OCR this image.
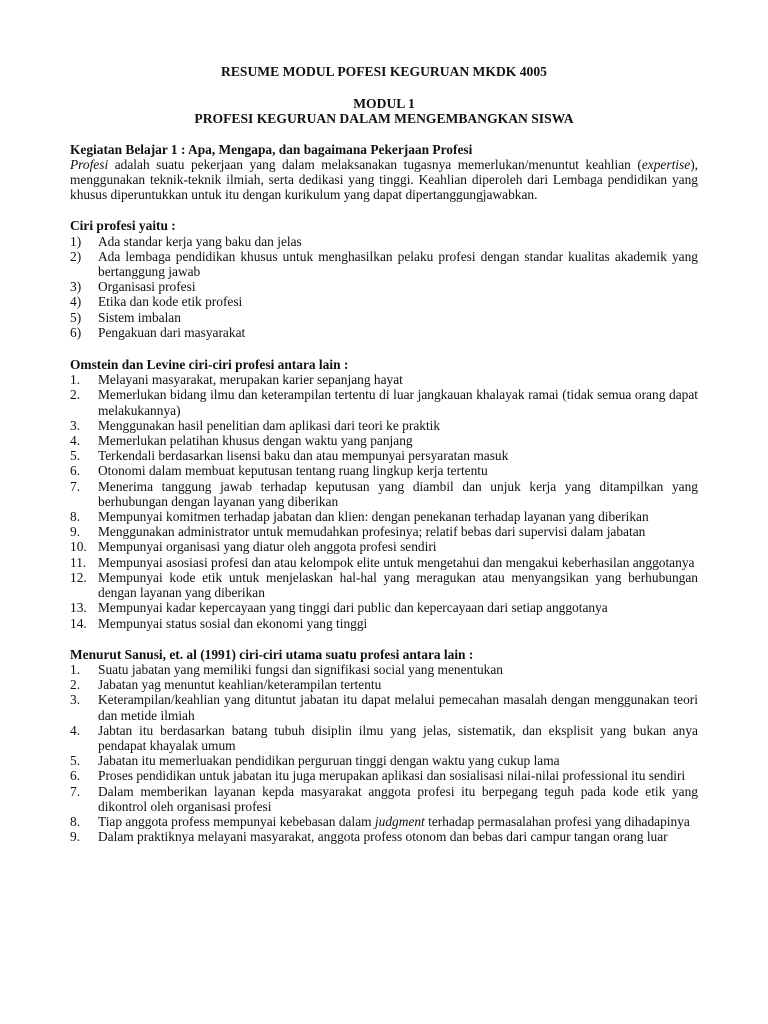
RESUME MODUL POFESI KEGURUAN MKDK 4005
MODUL 1
PROFESI KEGURUAN DALAM MENGEMBANGKAN SISWA
Kegiatan Belajar 1 : Apa, Mengapa, dan bagaimana Pekerjaan Profesi

Profesi adalah suatu pekerjaan yang dalam melaksanakan tugasnya memerlukan/menuntut keahlian (expertise), menggunakan teknik-teknik ilmiah, serta dedikasi yang tinggi. Keahlian diperoleh dari Lembaga pendidikan yang khusus diperuntukkan untuk itu dengan kurikulum yang dapat dipertanggungjawabkan.

Ciri profesi yaitu :
1)	Ada standar kerja yang baku dan jelas
2)	Ada lembaga pendidikan khusus untuk menghasilkan pelaku profesi dengan standar kualitas akademik yang bertanggung jawab
3)	Organisasi profesi
4)	Etika dan kode etik profesi
5)	Sistem imbalan
6)	Pengakuan dari masyarakat
Omstein dan Levine ciri-ciri profesi antara lain :
1.	Melayani masyarakat, merupakan karier sepanjang hayat
2.	Memerlukan bidang ilmu dan keterampilan tertentu di luar jangkauan khalayak ramai (tidak semua orang dapat melakukannya)
3.	Menggunakan hasil penelitian dam aplikasi dari teori ke praktik
4.	Memerlukan pelatihan khusus dengan waktu yang panjang
5.	Terkendali berdasarkan lisensi baku dan atau mempunyai persyaratan masuk
6.	Otonomi dalam membuat keputusan tentang ruang lingkup kerja tertentu
7.	Menerima tanggung jawab terhadap keputusan yang diambil dan unjuk kerja yang ditampilkan yang berhubungan dengan layanan yang diberikan
8.	Mempunyai komitmen terhadap jabatan dan klien: dengan penekanan terhadap layanan yang diberikan
9.	Menggunakan administrator untuk memudahkan profesinya; relatif bebas dari supervisi dalam jabatan
10. Mempunyai organisasi yang diatur oleh anggota profesi sendiri
11. Mempunyai asosiasi profesi dan atau kelompok elite untuk mengetahui dan mengakui keberhasilan anggotanya
12. Mempunyai kode etik untuk menjelaskan hal-hal yang meragukan atau menyangsikan yang berhubungan dengan layanan yang diberikan
13. Mempunyai kadar kepercayaan yang tinggi dari public dan kepercayaan dari setiap anggotanya
14. Mempunyai status sosial dan ekonomi yang tinggi
Menurut Sanusi, et. al (1991) ciri-ciri utama suatu profesi antara lain :
1.	Suatu jabatan yang memiliki fungsi dan signifikasi social yang menentukan
2.	Jabatan yag menuntut keahlian/keterampilan tertentu
3.	Keterampilan/keahlian yang dituntut jabatan itu dapat melalui pemecahan masalah dengan menggunakan teori dan metide ilmiah
4.	Jabtan itu berdasarkan batang tubuh disiplin ilmu yang jelas, sistematik, dan eksplisit yang bukan anya pendapat khayalak umum
5.	Jabatan itu memerluakan pendidikan perguruan tinggi dengan waktu yang cukup lama
6.	Proses pendidikan untuk jabatan itu juga merupakan aplikasi dan sosialisasi nilai-nilai professional itu sendiri
7.	Dalam memberikan layanan kepda masyarakat anggota profesi itu berpegang teguh pada kode etik yang dikontrol oleh organisasi profesi
8.	Tiap anggota profess mempunyai kebebasan dalam judgment terhadap permasalahan profesi yang dihadapinya
9.	Dalam praktiknya melayani masyarakat, anggota profess otonom dan bebas dari campur tangan orang luar
